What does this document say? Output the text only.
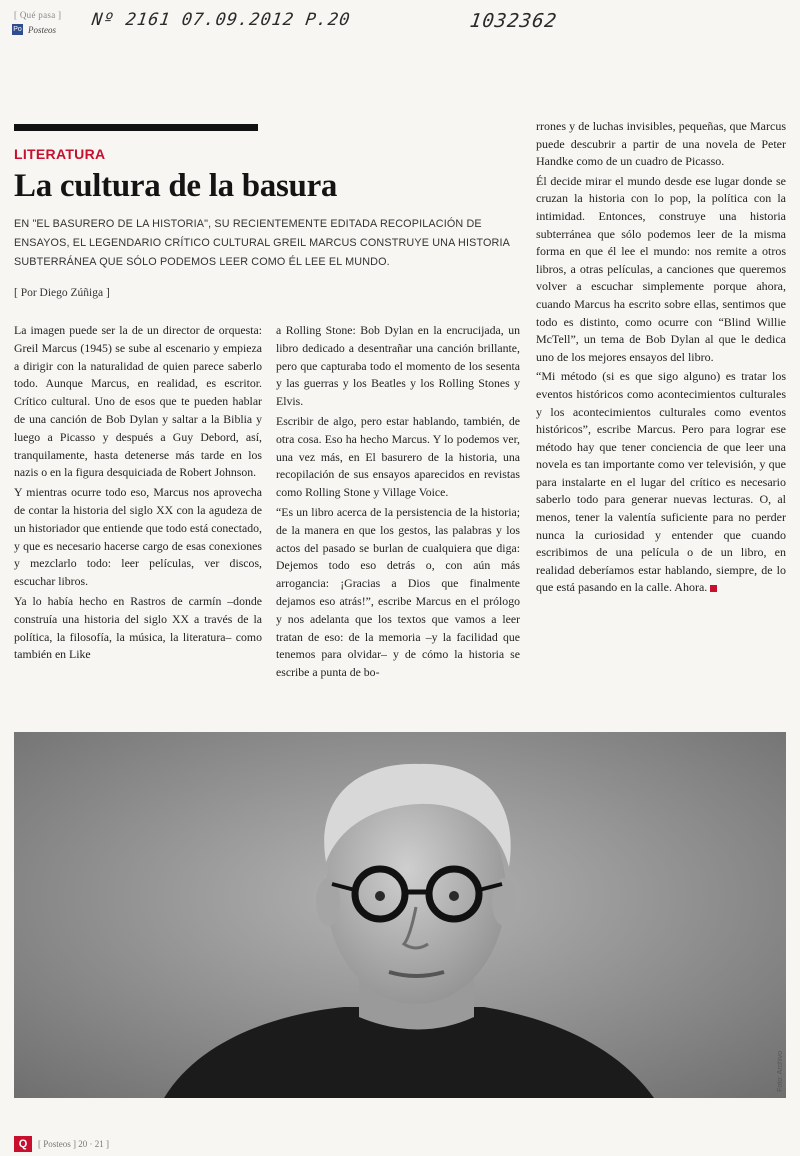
[ Qué pasa ]
Po Posteos Nº 2161 07.09.2012 P.20	1032362
LITERATURA
La cultura de la basura
EN "EL BASURERO DE LA HISTORIA", SU RECIENTEMENTE EDITADA RECOPILACIÓN DE ENSAYOS, EL LEGENDARIO CRÍTICO CULTURAL GREIL MARCUS CONSTRUYE UNA HISTORIA SUBTERRÁNEA QUE SÓLO PODEMOS LEER COMO ÉL LEE EL MUNDO.
[ Por Diego Zúñiga ]

La imagen puede ser la de un director de orquesta: Greil Marcus (1945) se sube al escenario y empieza a dirigir con la naturalidad de quien parece saberlo todo. Aunque Marcus, en realidad, es escritor. Crítico cultural. Uno de esos que te pueden hablar de una canción de Bob Dylan y saltar a la Biblia y luego a Picasso y después a Guy Debord, así, tranquilamente, hasta detenerse más tarde en los nazis o en la figura desquiciada de Robert Johnson.

Y mientras ocurre todo eso, Marcus nos aprovecha de contar la historia del siglo XX con la agudeza de un historiador que entiende que todo está conectado, y que es necesario hacerse cargo de esas conexiones y mezclarlo todo: leer películas, ver discos, escuchar libros.

Ya lo había hecho en Rastros de carmín –donde construía una historia del siglo XX a través de la política, la filosofía, la música, la literatura– como también en Like

a Rolling Stone: Bob Dylan en la encrucijada, un libro dedicado a desentrañar una canción brillante, pero que capturaba todo el momento de los sesenta y las guerras y los Beatles y los Rolling Stones y Elvis.

Escribir de algo, pero estar hablando, también, de otra cosa. Eso ha hecho Marcus. Y lo podemos ver, una vez más, en El basurero de la historia, una recopilación de sus ensayos aparecidos en revistas como Rolling Stone y Village Voice.

“Es un libro acerca de la persistencia de la historia; de la manera en que los gestos, las palabras y los actos del pasado se burlan de cualquiera que diga: Dejemos todo eso detrás o, con aún más arrogancia: ¡Gracias a Dios que finalmente dejamos eso atrás!”, escribe Marcus en el prólogo y nos adelanta que los textos que vamos a leer tratan de eso: de la memoria –y la facilidad que tenemos para olvidar– y de cómo la historia se escribe a punta de bo-

rrones y de luchas invisibles, pequeñas, que Marcus puede descubrir a partir de una novela de Peter Handke como de un cuadro de Picasso.

Él decide mirar el mundo desde ese lugar donde se cruzan la historia con lo pop, la política con la intimidad. Entonces, construye una historia subterránea que sólo podemos leer de la misma forma en que él lee el mundo: nos remite a otros libros, a otras películas, a canciones que queremos volver a escuchar simplemente porque ahora, cuando Marcus ha escrito sobre ellas, sentimos que todo es distinto, como ocurre con “Blind Willie McTell”, un tema de Bob Dylan al que le dedica uno de los mejores ensayos del libro.

“Mi método (si es que sigo alguno) es tratar los eventos históricos como acontecimientos culturales y los acontecimientos culturales como eventos históricos”, escribe Marcus. Pero para lograr ese método hay que tener conciencia de que leer una novela es tan importante como ver televisión, y que para instalarte en el lugar del crítico es necesario saberlo todo para generar nuevas lecturas. O, al menos, tener la valentía suficiente para no perder nunca la curiosidad y entender que cuando escribimos de una película o de un libro, en realidad deberíamos estar hablando, siempre, de lo que está pasando en la calle. Ahora.

Foto: Archivo
Q	[ Posteos ] 20 · 21 ]
